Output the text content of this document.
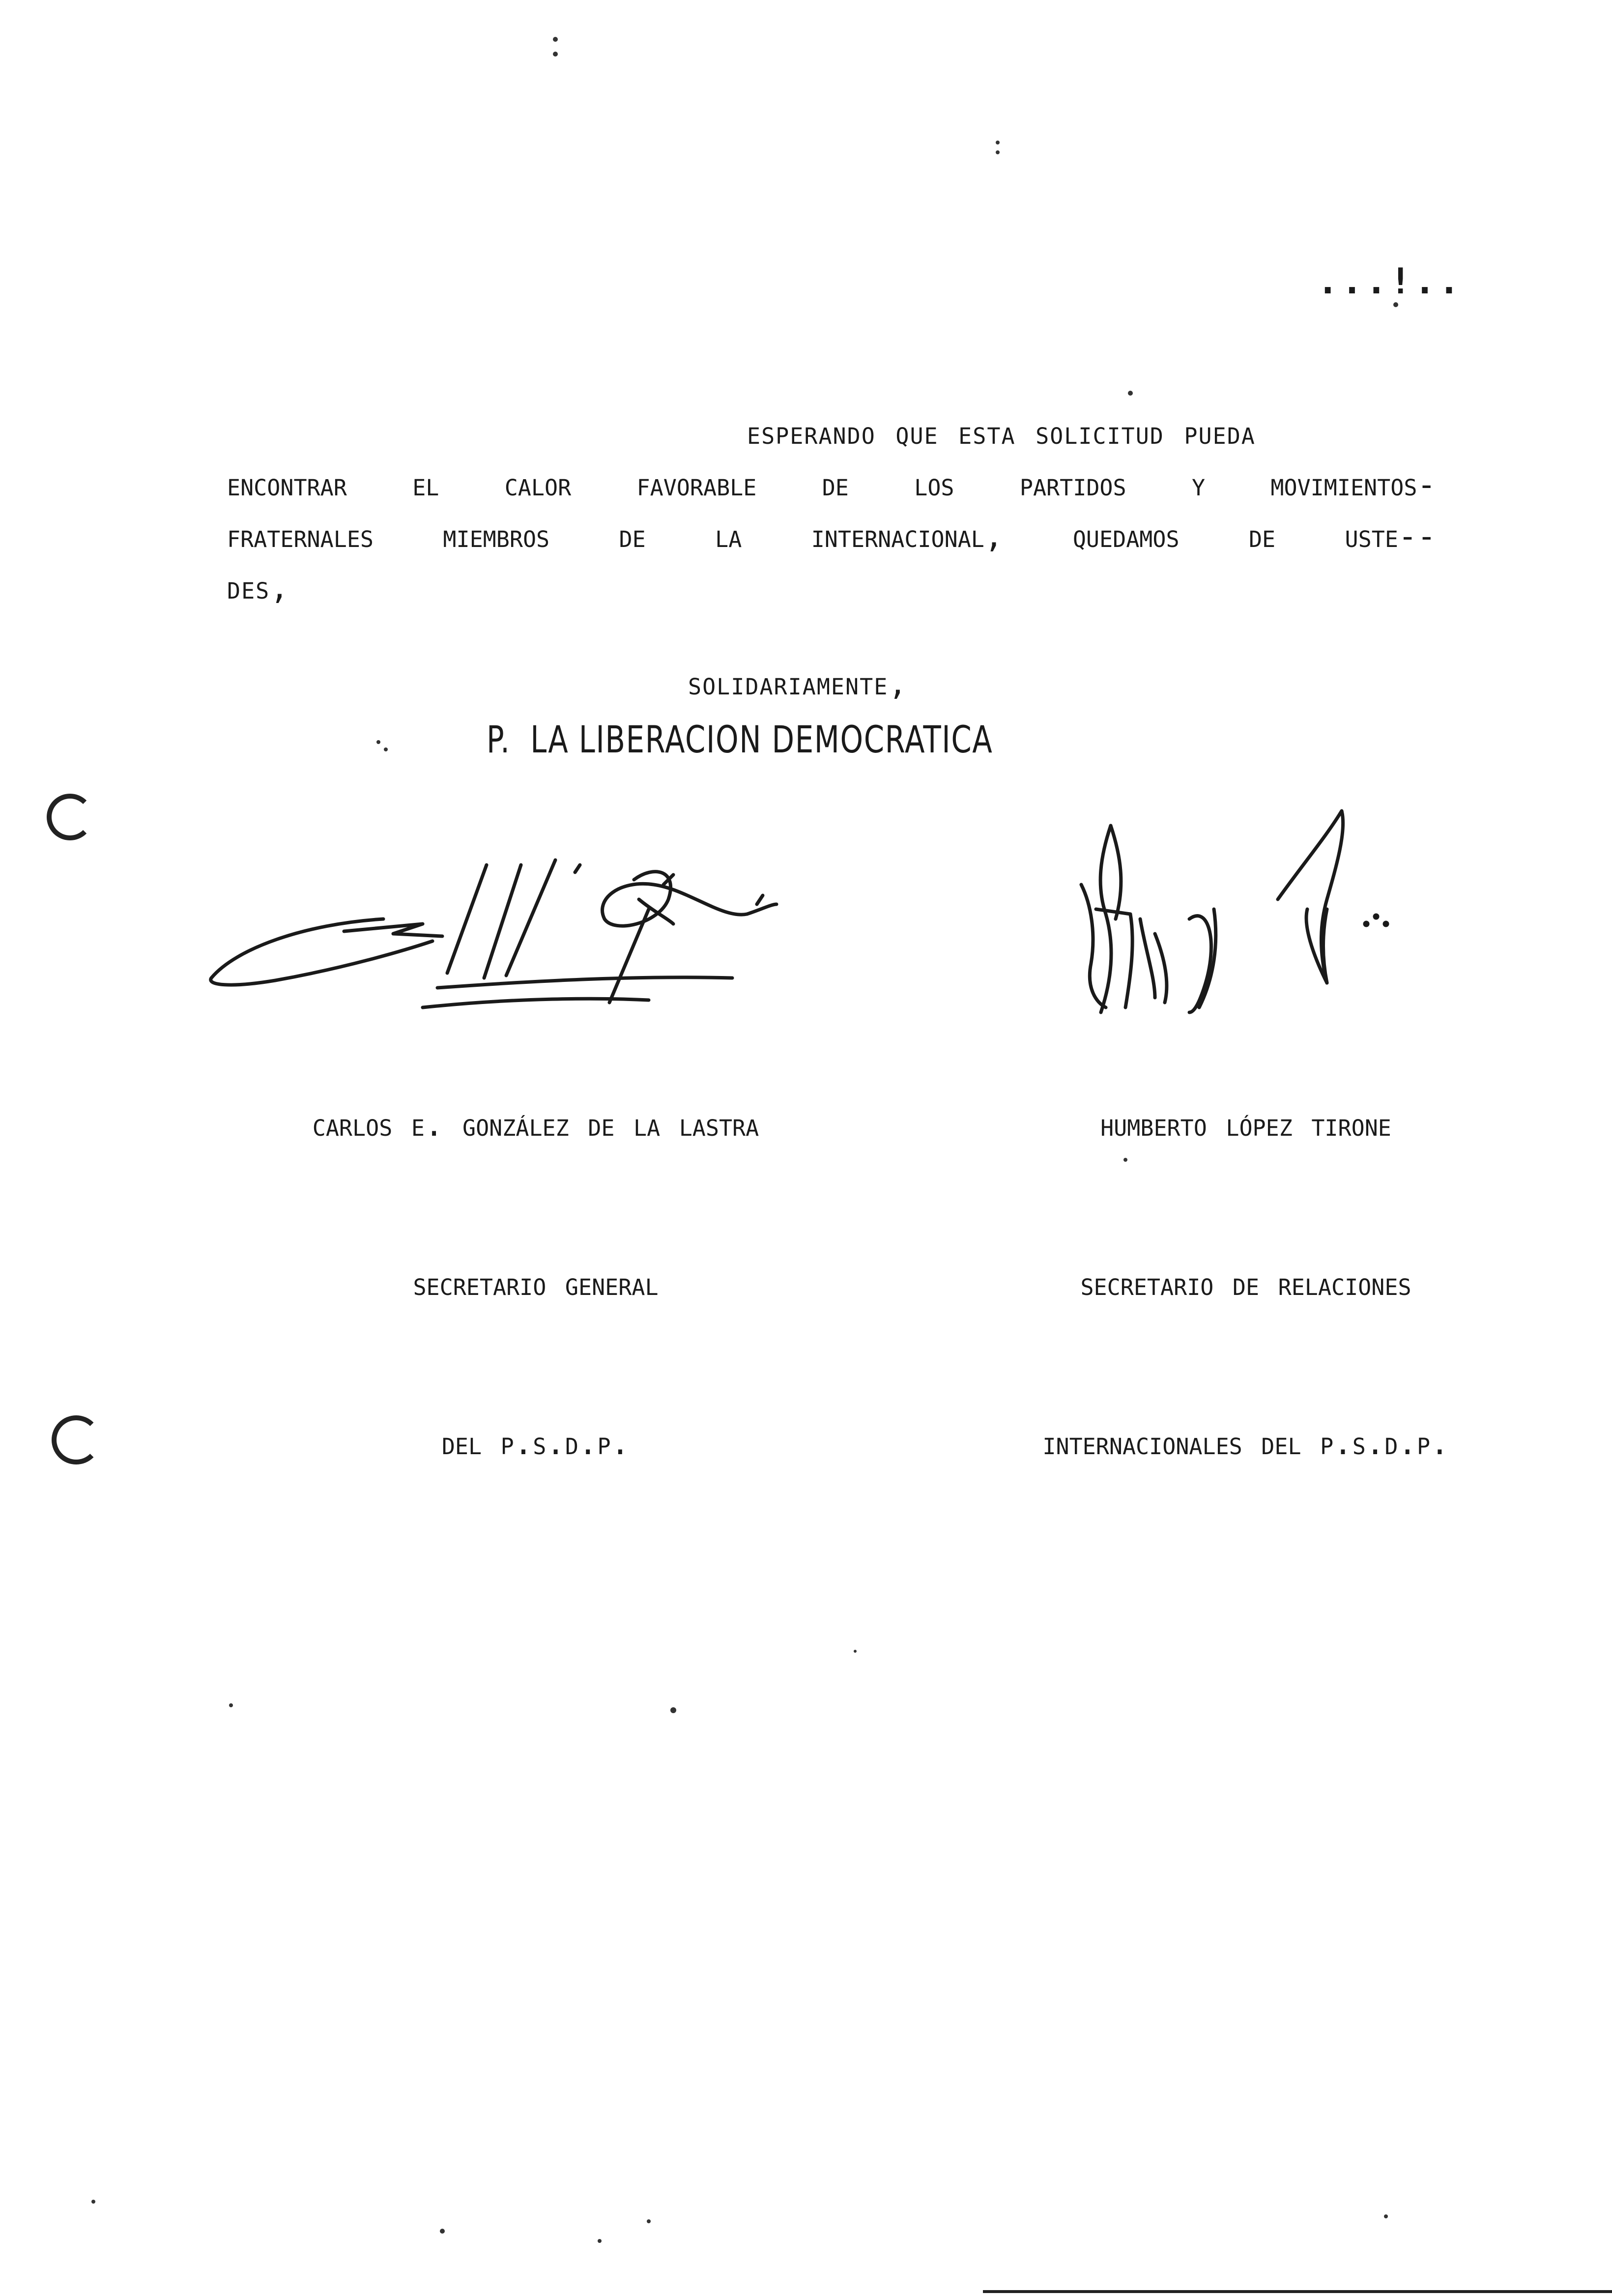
...!..
esperando que esta solicitud pueda
encontrar el calor favorable de los partidos y movimientos-
fraternales miembros de la internacional, quedamos de uste--
des,
solidariamente,
P.  LA LIBERACION DEMOCRATICA

carlos e. gonzález de la lastra

secretario general

del p.s.d.p.

humberto lópez tirone

secretario de relaciones

internacionales del p.s.d.p.
